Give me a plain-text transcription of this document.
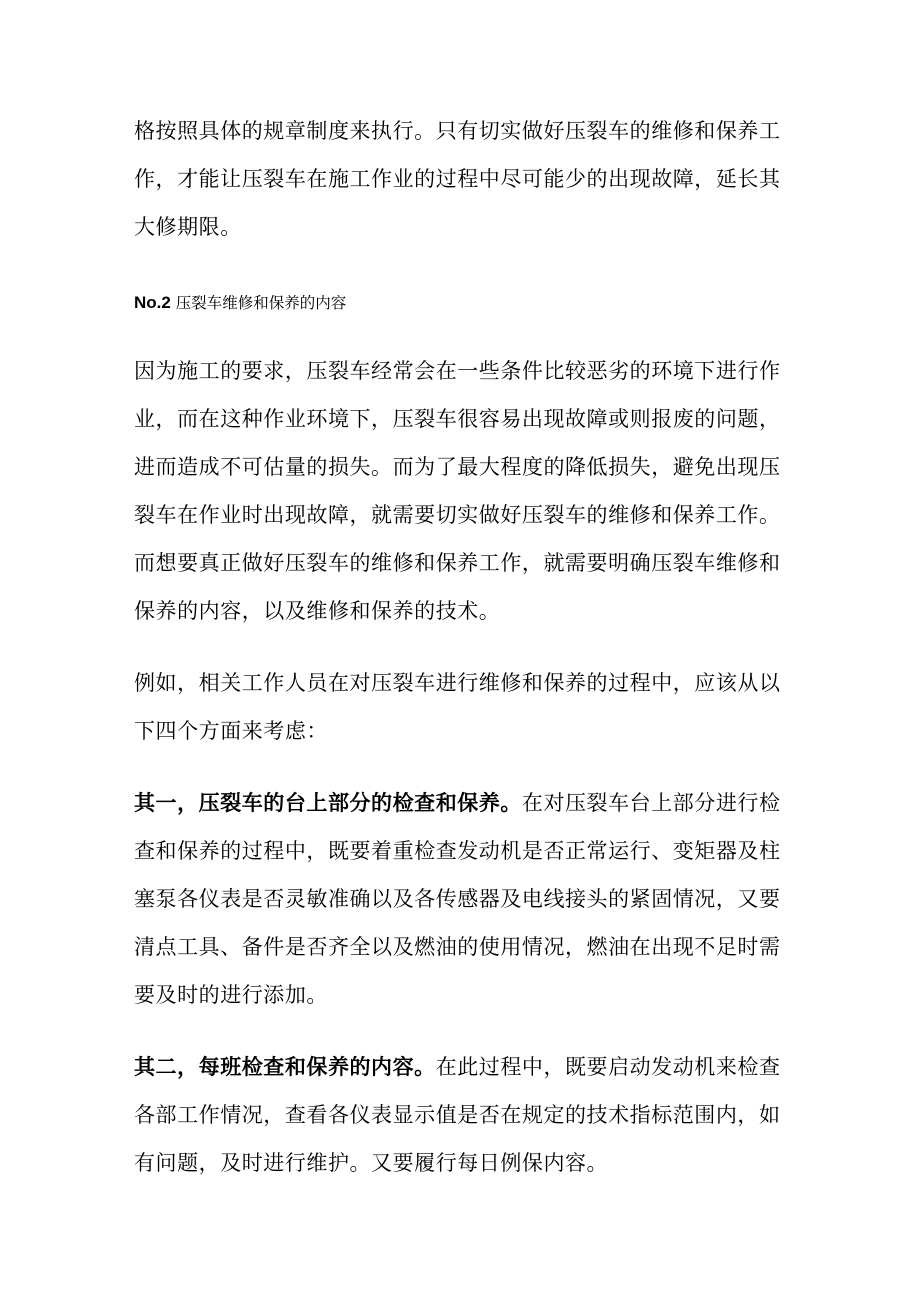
格按照具体的规章制度来执行。只有切实做好压裂车的维修和保养工

作，才能让压裂车在施工作业的过程中尽可能少的出现故障，延长其

大修期限。

No.2 压裂车维修和保养的内容

因为施工的要求，压裂车经常会在一些条件比较恶劣的环境下进行作

业，而在这种作业环境下，压裂车很容易出现故障或则报废的问题，

进而造成不可估量的损失。而为了最大程度的降低损失，避免出现压

裂车在作业时出现故障，就需要切实做好压裂车的维修和保养工作。

而想要真正做好压裂车的维修和保养工作，就需要明确压裂车维修和

保养的内容，以及维修和保养的技术。

例如，相关工作人员在对压裂车进行维修和保养的过程中，应该从以

下四个方面来考虑：

其一，压裂车的台上部分的检查和保养。在对压裂车台上部分进行检

查和保养的过程中，既要着重检查发动机是否正常运行、变矩器及柱

塞泵各仪表是否灵敏准确以及各传感器及电线接头的紧固情况，又要

清点工具、备件是否齐全以及燃油的使用情况，燃油在出现不足时需

要及时的进行添加。

其二，每班检查和保养的内容。在此过程中，既要启动发动机来检查

各部工作情况，查看各仪表显示值是否在规定的技术指标范围内，如

有问题，及时进行维护。又要履行每日例保内容。
